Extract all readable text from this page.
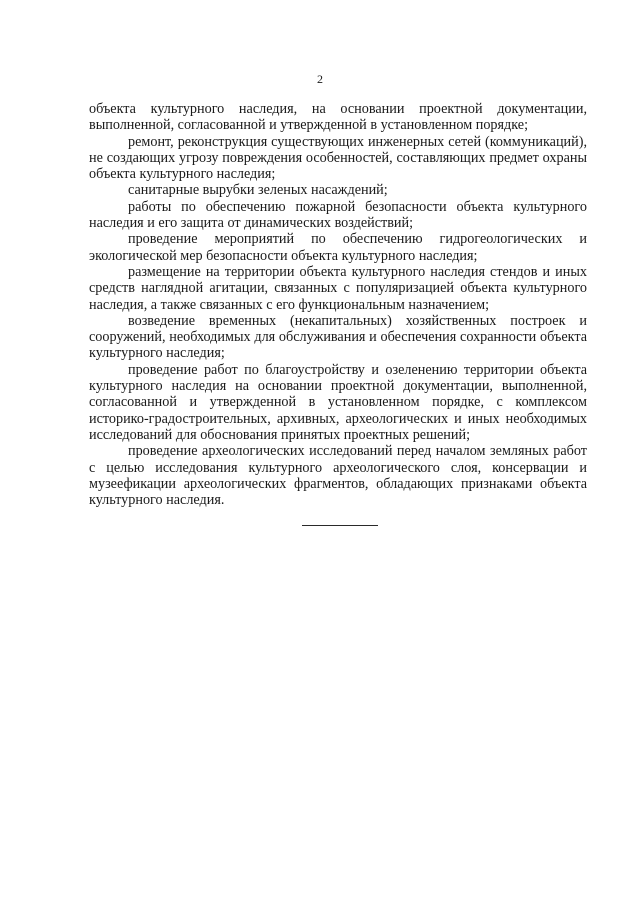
2

объекта культурного наследия, на основании проектной документации, выполненной, согласованной и утвержденной в установленном порядке;

ремонт, реконструкция существующих инженерных сетей (коммуникаций), не создающих угрозу повреждения особенностей, составляющих предмет охраны объекта культурного наследия;

санитарные вырубки зеленых насаждений;

работы по обеспечению пожарной безопасности объекта культурного наследия и его защита от динамических воздействий;

проведение мероприятий по обеспечению гидрогеологических и экологической мер безопасности объекта культурного наследия;

размещение на территории объекта культурного наследия стендов и иных средств наглядной агитации, связанных с популяризацией объекта культурного наследия, а также связанных с его функциональным назначением;

возведение временных (некапитальных) хозяйственных построек и сооружений, необходимых для обслуживания и обеспечения сохранности объекта культурного наследия;

проведение работ по благоустройству и озеленению территории объекта культурного наследия на основании проектной документации, выполненной, согласованной и утвержденной в установленном порядке, с комплексом историко-градостроительных, архивных, археологических и иных необходимых исследований для обоснования принятых проектных решений;

проведение археологических исследований перед началом земляных работ с целью исследования культурного археологического слоя, консервации и музеефикации археологических фрагментов, обладающих признаками объекта культурного наследия.
